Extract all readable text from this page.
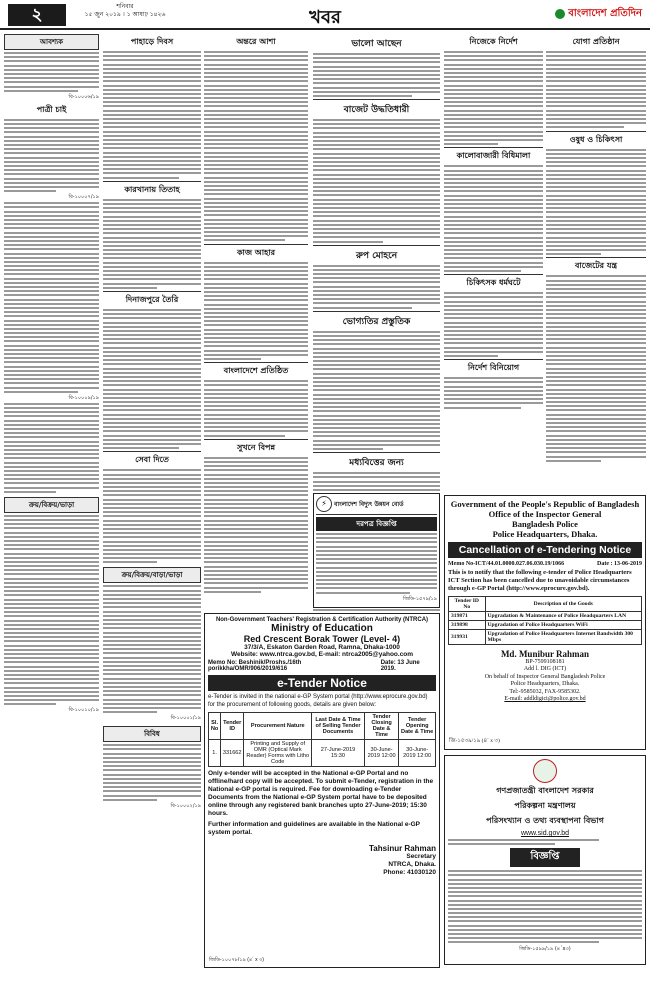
২	শনিবার
১৫ জুন ২০১৯ । ১ আষাঢ় ১৪২৬	খবর	বাংলাদেশ প্রতিদিন
আবশ্যক
বি-১০০০৬/১৯
পাত্রী চাই
বি-১০০০৭/১৯
বি-১০০০৯/১৯
ক্রয়/বিক্রয়/ভাড়া
বি-১০০১০/১৯
পাহাড়ে দিবস
কারখানায় তিতাহ
দিনাজপুরে তৈরি
সেবা দিতে
ক্রয়/বিক্রয়/বাড়া/ভাড়া
বি-১০০০১/১৯
বিবিধ
বি-১০০০২/১৯
অন্তরে আশা
কাজ আহার
বাংলাদেশে প্রতিষ্ঠিত
সুখনে বিপন্ন
ভালো আছেন
বাজেট উদ্ধতিধারী
রুপ মোহনে
ভোগ্যতির প্রস্তুতিক
মধ্যবিত্তের জন্য
নিজেকে নির্দেশ
কালোবাজারী বিধিমালা
চিকিৎসক ধর্মঘটে
নির্দেশ বিনিয়োগ
যোগা প্রতিষ্ঠান
ওষুধ ও চিকিৎসা
বাজেটের যন্ত্র
⚡	বাংলাদেশ বিদ্যুৎ উন্নয়ন বোর্ড
দরপত্র বিজ্ঞপ্তি
জিডি-১৫৭৯/১৯
Government of the People's Republic of Bangladesh
Office of the Inspector General
Bangladesh Police
Police Headquarters, Dhaka.
Cancellation of e-Tendering Notice
Memo No-ICT/44.01.0000.027.06.030.19/1066	Date : 13-06-2019
This is to notify that the following e-tender of Police Headquarters ICT Section has been cancelled due to unavoidable circumstances through e-GP Portal (http://www.eprocure.gov.bd).
Tender ID No	Description of the Goods
319871	Upgradation & Maintenance of Police Headquarters LAN
319898	Upgradation of Police Headquarters WiFi
319931	Upgradation of Police Headquarters Internet Bandwidth 300 Mbps
Md. Munibur Rahman
BP-7599108181
Add l. DIG (ICT)
On behalf of Inspector General Bangladesh Police
Police Headquarters, Dhaka.
Tel:-9585032, FAX-9585302.
E-mail: addldigict@police.gov.bd
জি-১৫৩৯/১৯ (৪´ x ৩)
Non-Government Teachers' Registration & Certification Authority (NTRCA)
Ministry of Education
Red Crescent Borak Tower (Level- 4)
37/3/A, Eskaton Garden Road, Ramna, Dhaka-1000
Website: www.ntrca.gov.bd, E-mail: ntrca2005@yahoo.com
Memo No: Beshinik/Proshs./16th porikkha/OMR/906/2019/616
Date: 13 June 2019.
e-Tender Notice
e-Tender is invited in the national e-GP System portal (http://www.eprocure.gov.bd) for the procurement of following goods, details are given below:
Sl. No	Tender ID	Procurement Nature	Last Date & Time of Selling Tender Documents	Tender Closing Date & Time	Tender Opening Date & Time
1.	331662	Printing and Supply of OMR (Optical Mark Reader) Forms with Litho Code	27-June-2019 15:30	30-June-2019 12:00	30-June-2019 12:00
Only e-tender will be accepted in the National e-GP Portal and no offline/hard copy will be accepted. To submit e-Tender, registration in the National e-GP portal is required. Fee for downloading e-Tender Documents from the National e-GP System portal have to be deposited online through any registered bank branches upto 27-June-2019; 15:30 hours.
Further information and guidelines are available in the National e-GP system portal.
Tahsinur Rahman
Secretary
NTRCA, Dhaka.
Phone: 41030120
জিডি-১০০৭৮/১৯ (৪´ x ৩)
গণপ্রজাতন্ত্রী বাংলাদেশ সরকার
পরিকল্পনা মন্ত্রণালয়
পরিসংখ্যান ও তথ্য ব্যবস্থাপনা বিভাগ
www.sid.gov.bd
বিজ্ঞপ্তি
জিডি-১৫৯৯/১৯ (৪´x৩)
